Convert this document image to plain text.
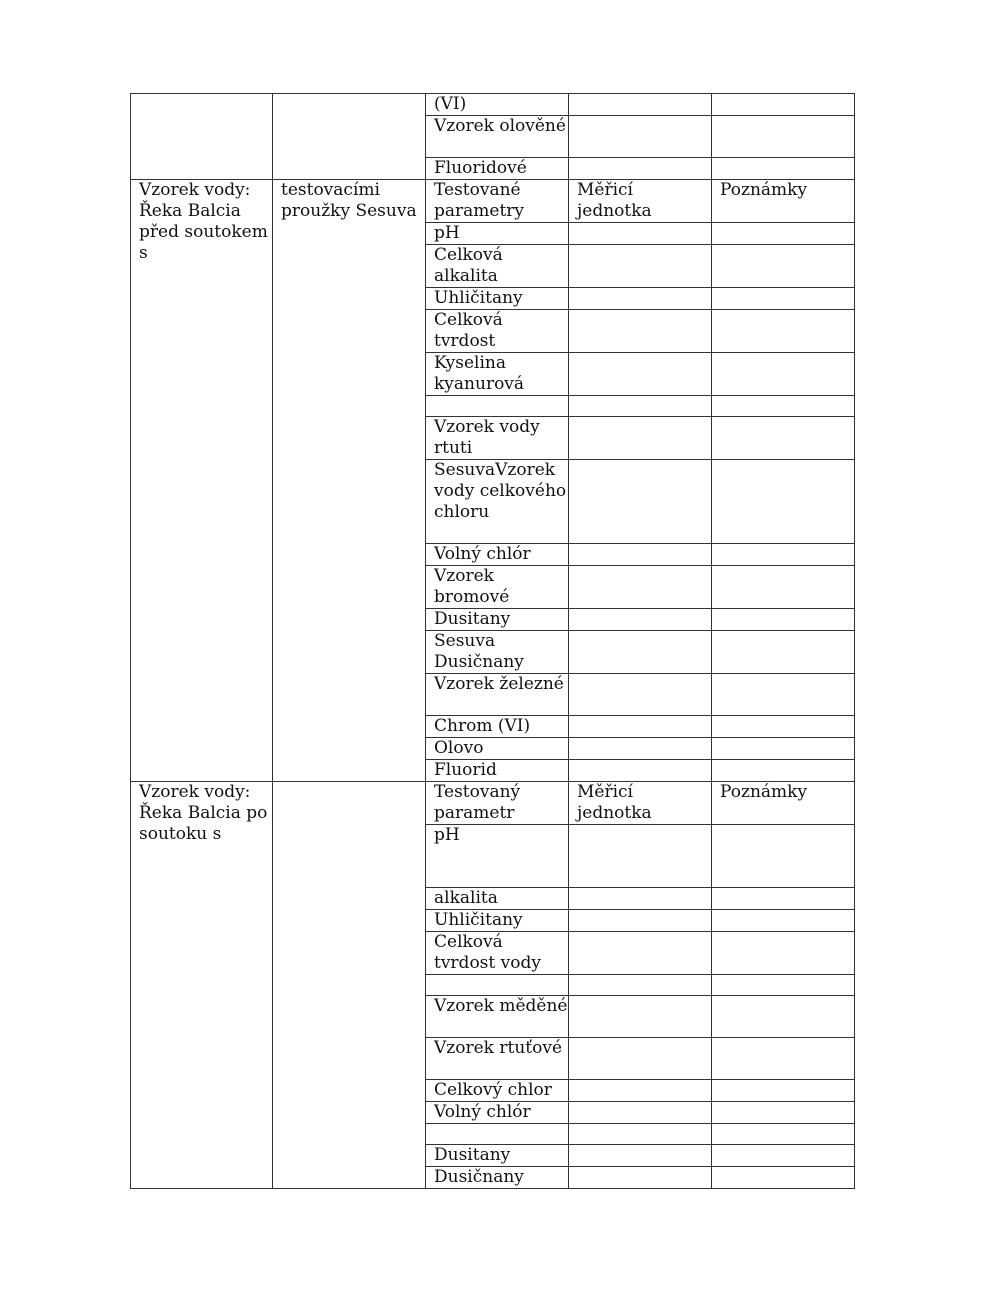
		(VI)		
		Vzorek olověné		
		Fluoridové		
Vzorek vody: Řeka Balcia před soutokem s	testovacími proužky Sesuva	Testované parametry	Měřicí jednotka	Poznámky
		pH		
		Celková alkalita		
		Uhličitany		
		Celková tvrdost		
		Kyselina kyanurová		

		Vzorek vody rtuti		
		SesuvaVzorek vody celkového chloru		
		Volný chlór		
		Vzorek bromové		
		Dusitany		
		Sesuva Dusičnany		
		Vzorek železné		
		Chrom (VI)		
		Olovo		
		Fluorid		
Vzorek vody: Řeka Balcia po soutoku s		Testovaný parametr	Měřicí jednotka	Poznámky
		pH		
		alkalita		
		Uhličitany		
		Celková tvrdost vody		

		Vzorek měděné		
		Vzorek rtuťové		
		Celkový chlor		
		Volný chlór		

		Dusitany		
		Dusičnany		
